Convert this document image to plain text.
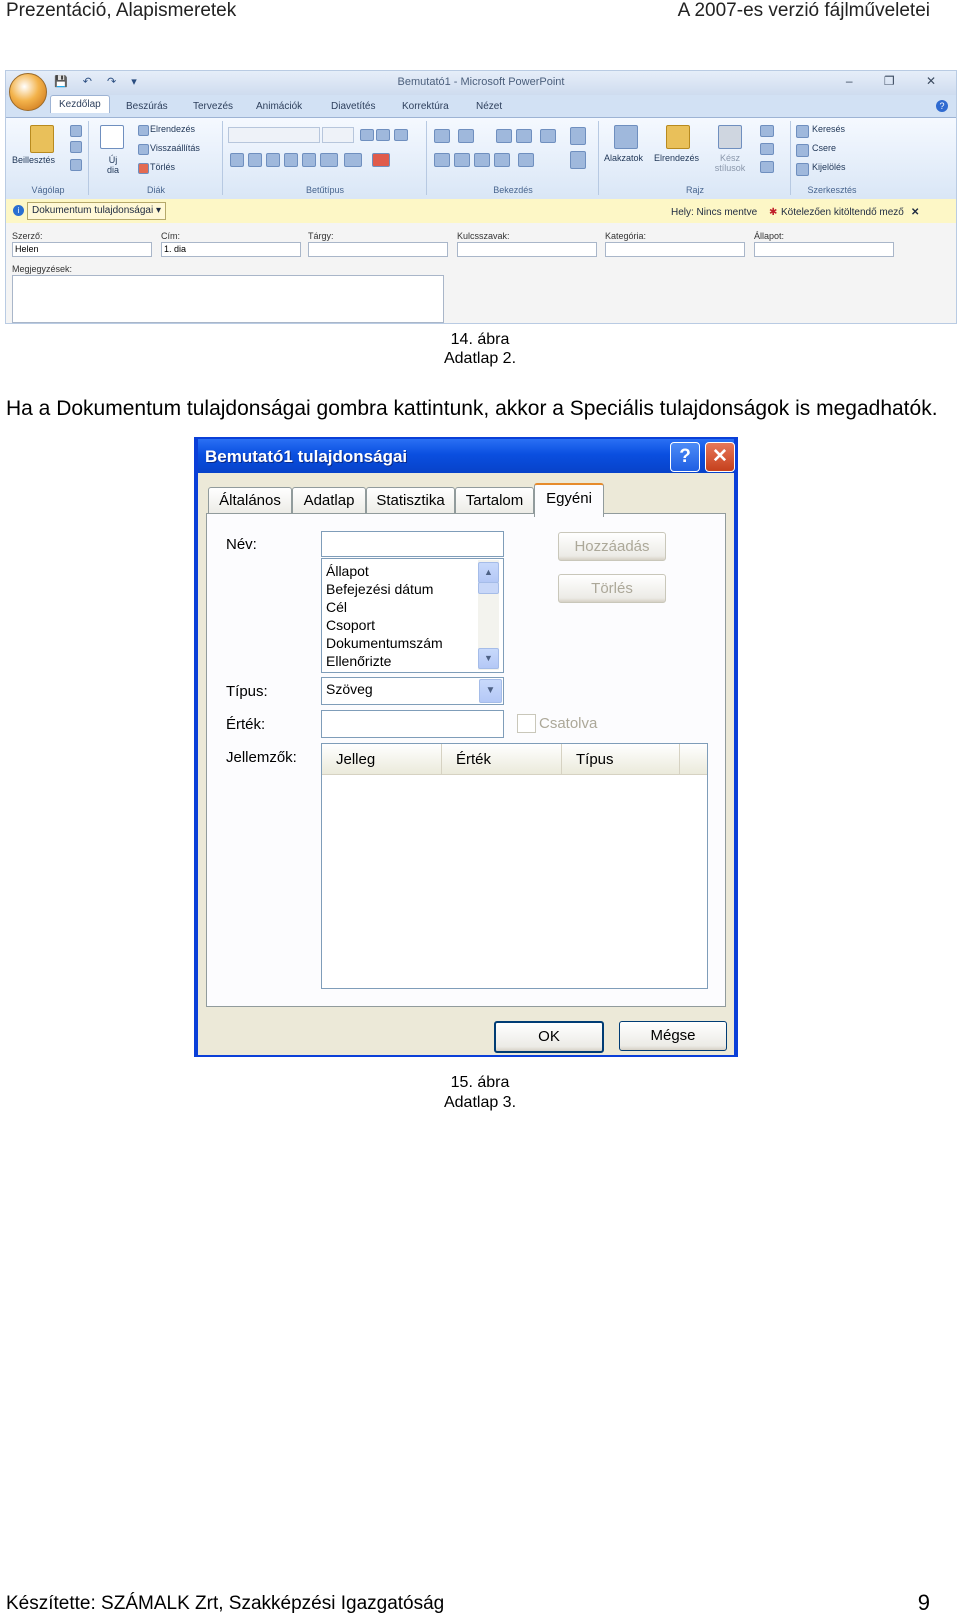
Prezentáció, Alapismeretek	A 2007-es verzió fájlműveletei
Bemutató1 - Microsoft PowerPoint
💾 ↶ ↷ ▾	– ❐ ✕
Kezdőlap	Beszúrás	Tervezés Animációk	Diavetítés	Korrektúra	Nézet	?
Beillesztés
Vágólap
Új dia
Elrendezés
Visszaállítás
Törlés
Diák	Betűtípus	Bekezdés
Alakzatok Elrendezés	Kész stílusok
Rajz
Keresés
Csere
Kijelölés
Szerkesztés
i	Dokumentum tulajdonságai ▾	Hely: Nincs mentve ✱ Kötelezően kitöltendő mező ✕
Szerző:
Helen
Cím:
1. dia
Tárgy:	Kulcsszavak:	Kategória:	Állapot:
Megjegyzések:
14. ábra
Adatlap 2.
Ha a Dokumentum tulajdonságai gombra kattintunk, akkor a Speciális tulajdonságok is megadhatók.
Bemutató1 tulajdonságai	?	✕
Általános	Adatlap	Statisztika	Tartalom	Egyéni
Név:
Állapot
Befejezési dátum
Cél
Csoport
Dokumentumszám
Ellenőrizte
▲
▼
Hozzáadás
Törlés
Típus:	Szöveg	▼
Érték:	Csatolva
Jellemzők:	Jelleg	Érték	Típus
OK	Mégse
15. ábra
Adatlap 3.
Készítette: SZÁMALK Zrt, Szakképzési Igazgatóság	9
